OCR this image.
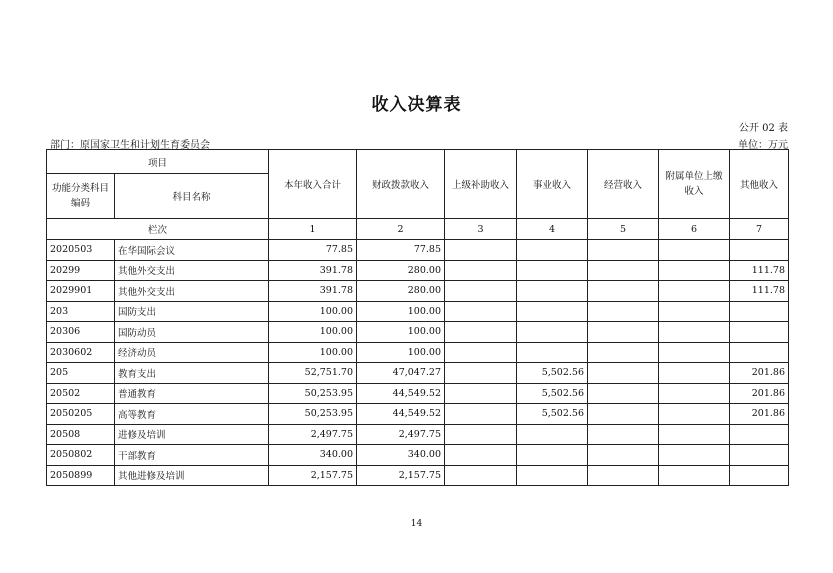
收入决算表
公开 02 表
部门：原国家卫生和计划生育委员会	单位：万元
项目		本年收入合计	财政拨款收入	上级补助收入	事业收入	经营收入	附属单位上缴收入	其他收入
功能分类科目编码	科目名称							
栏次		1	2	3	4	5	6	7
2020503	在华国际会议	77.85	77.85					
20299	其他外交支出	391.78	280.00					111.78
2029901	其他外交支出	391.78	280.00					111.78
203	国防支出	100.00	100.00					
20306	国防动员	100.00	100.00					
2030602	经济动员	100.00	100.00					
205	教育支出	52,751.70	47,047.27		5,502.56			201.86
20502	普通教育	50,253.95	44,549.52		5,502.56			201.86
2050205	高等教育	50,253.95	44,549.52		5,502.56			201.86
20508	进修及培训	2,497.75	2,497.75					
2050802	干部教育	340.00	340.00					
2050899	其他进修及培训	2,157.75	2,157.75					
14
